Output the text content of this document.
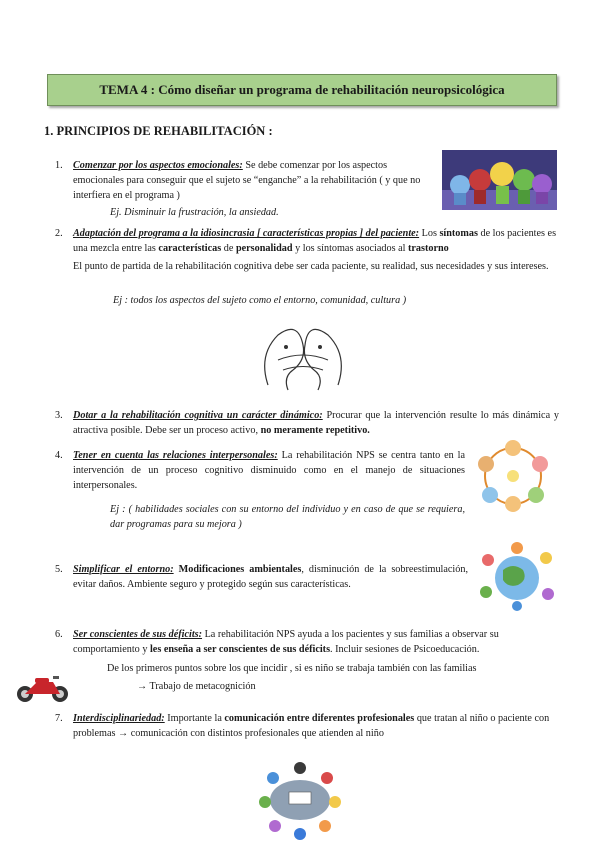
TEMA 4 : Cómo diseñar un programa de rehabilitación neuropsicológica
1. PRINCIPIOS DE REHABILITACIÓN :
1. Comenzar por los aspectos emocionales: Se debe comenzar por los aspectos emocionales para conseguir que el sujeto se “enganche” a la rehabilitación ( y que no interfiera en el programa )
Ej. Disminuir la frustración, la ansiedad.
2. Adaptación del programa a la idiosincrasia [ características propias ] del paciente: Los síntomas de los pacientes es una mezcla entre las características de personalidad y los síntomas asociados al trastorno
El punto de partida de la rehabilitación cognitiva debe ser cada paciente, su realidad, sus necesidades y sus intereses.
Ej : todos los aspectos del sujeto como el entorno, comunidad, cultura )
3. Dotar a la rehabilitación cognitiva un carácter dinámico: Procurar que la intervención resulte lo más dinámica y atractiva posible. Debe ser un proceso activo, no meramente repetitivo.
4. Tener en cuenta las relaciones interpersonales: La rehabilitación NPS se centra tanto en la intervención de un proceso cognitivo disminuido como en el manejo de situaciones interpersonales.
Ej : ( habilidades sociales con su entorno del individuo y en caso de que se requiera, dar programas para su mejora )
5. Simplificar el entorno: Modificaciones ambientales, disminución de la sobreestimulación, evitar daños. Ambiente seguro y protegido según sus características.
6. Ser conscientes de sus déficits: La rehabilitación NPS ayuda a los pacientes y sus familias a observar su comportamiento y les enseña a ser conscientes de sus déficits. Incluir sesiones de Psicoeducación.
De los primeros puntos sobre los que incidir , si es niño se trabaja también con las familias
→ Trabajo de metacognición
7. Interdisciplinariedad: Importante la comunicación entre diferentes profesionales que tratan al niño o paciente con problemas → comunicación con distintos profesionales que atienden al niño
